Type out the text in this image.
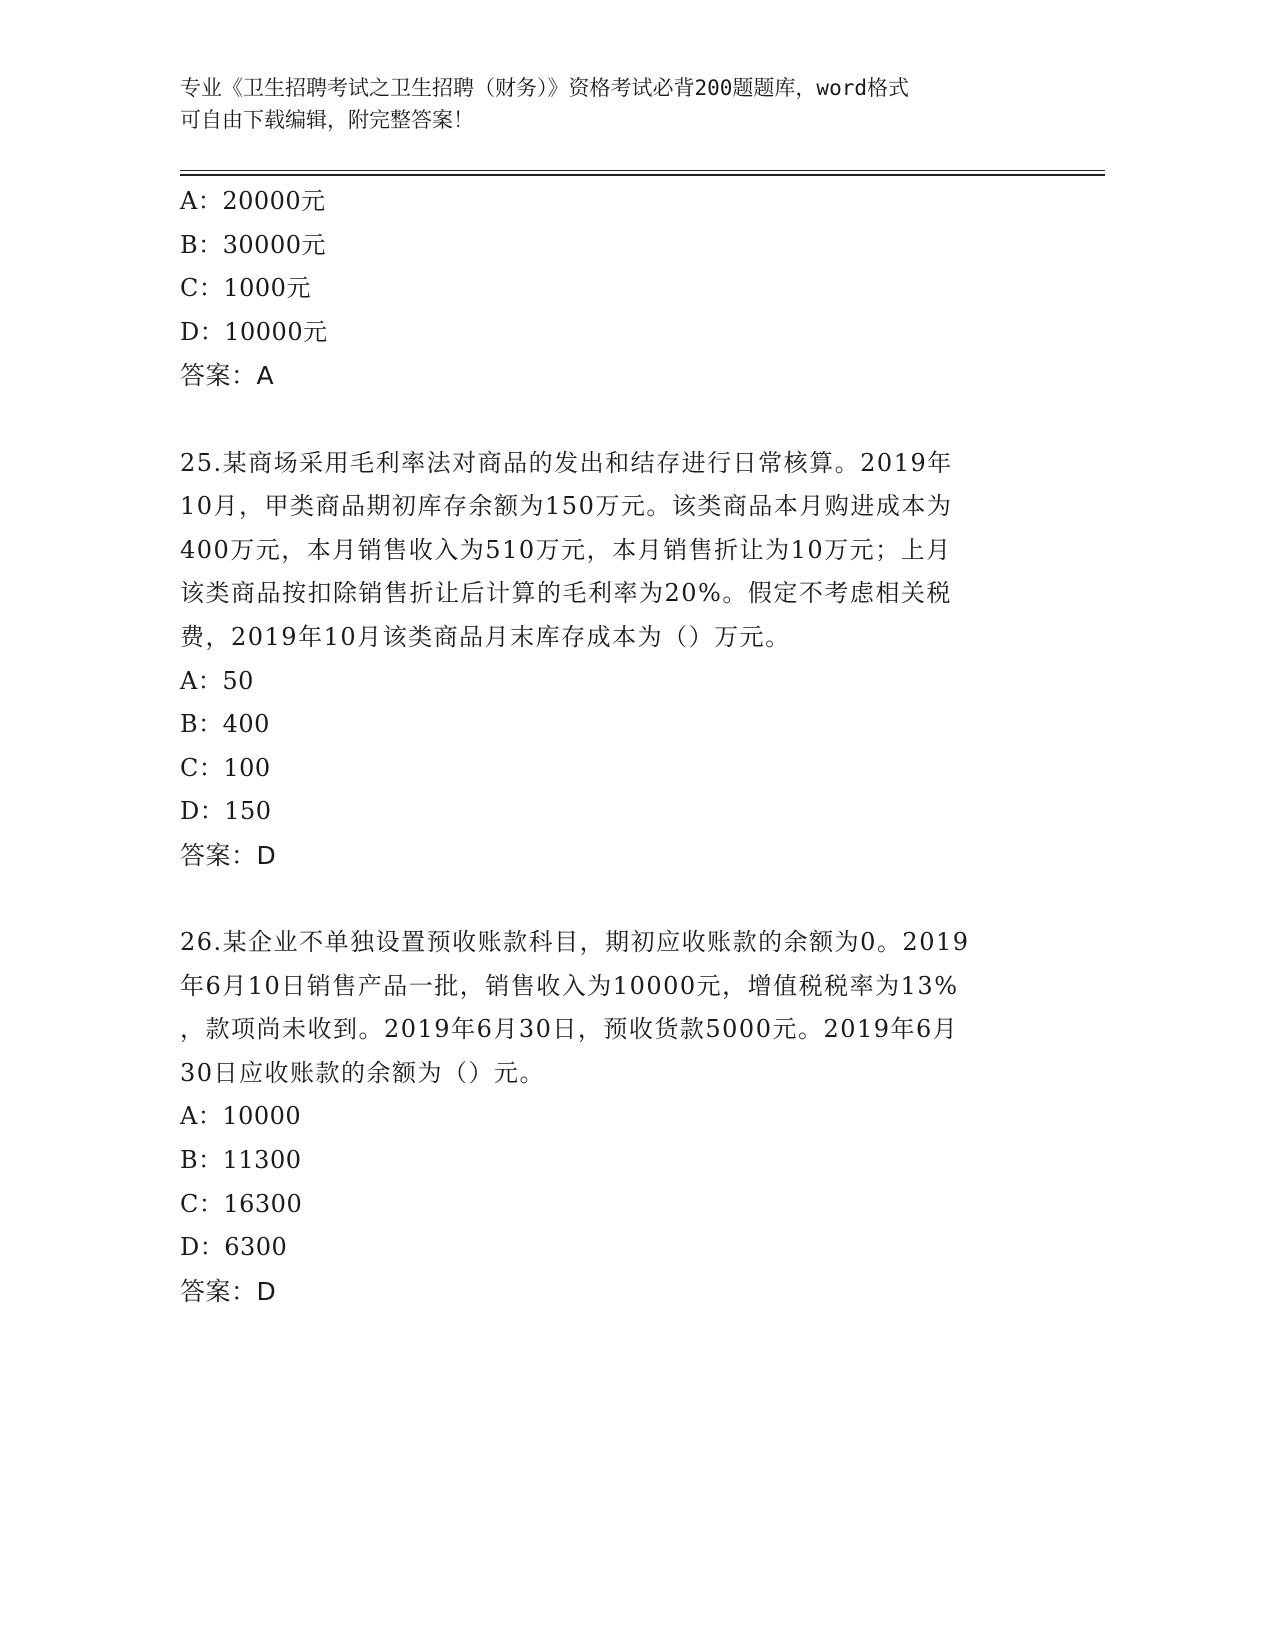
专业《卫生招聘考试之卫生招聘（财务）》资格考试必背200题题库，word格式
可自由下载编辑，附完整答案！
A：20000元
B：30000元
C：1000元
D：10000元
答案：A
25.某商场采用毛利率法对商品的发出和结存进行日常核算。2019年
10月，甲类商品期初库存余额为150万元。该类商品本月购进成本为
400万元，本月销售收入为510万元，本月销售折让为10万元；上月
该类商品按扣除销售折让后计算的毛利率为20%。假定不考虑相关税
费，2019年10月该类商品月末库存成本为（）万元。
A：50
B：400
C：100
D：150
答案：D
26.某企业不单独设置预收账款科目，期初应收账款的余额为0。2019
年6月10日销售产品一批，销售收入为10000元，增值税税率为13%
，款项尚未收到。2019年6月30日，预收货款5000元。2019年6月
30日应收账款的余额为（）元。
A：10000
B：11300
C：16300
D：6300
答案：D
